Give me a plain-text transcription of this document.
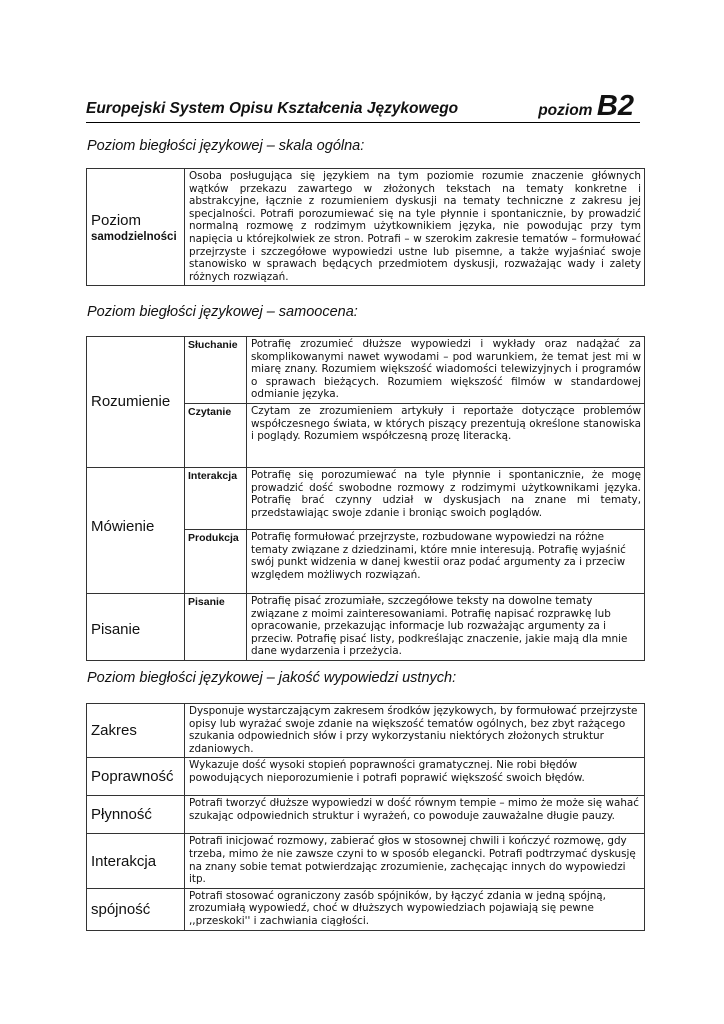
Europejski System Opisu Kształcenia Językowego	poziom B2
Poziom biegłości językowej – skala ogólna:
Poziom
samodzielności
	Osoba posługująca się językiem na tym poziomie rozumie znaczenie głównych wątków przekazu zawartego w złożonych tekstach na tematy konkretne i abstrakcyjne, łącznie z rozumieniem dyskusji na tematy techniczne z zakresu jej specjalności. Potrafi porozumiewać się na tyle płynnie i spontanicznie, by prowadzić normalną rozmowę z rodzimym użytkownikiem języka, nie powodując przy tym napięcia u którejkolwiek ze stron. Potrafi – w szerokim zakresie tematów – formułować przejrzyste i szczegółowe wypowiedzi ustne lub pisemne, a także wyjaśniać swoje stanowisko w sprawach będących przedmiotem dyskusji, rozważając wady i zalety różnych rozwiązań.
Poziom biegłości językowej – samoocena:
Rozumienie	Słuchanie	Potrafię zrozumieć dłuższe wypowiedzi i wykłady oraz nadążać za skomplikowanymi nawet wywodami – pod warunkiem, że temat jest mi w miarę znany. Rozumiem większość wiadomości telewizyjnych i programów o sprawach bieżących. Rozumiem większość filmów w standardowej odmianie języka.
	Czytanie	Czytam ze zrozumieniem artykuły i reportaże dotyczące problemów współczesnego świata, w których piszący prezentują określone stanowiska i poglądy. Rozumiem współczesną prozę literacką.
Mówienie	Interakcja	Potrafię się porozumiewać na tyle płynnie i spontanicznie, że mogę prowadzić dość swobodne rozmowy z rodzimymi użytkownikami języka. Potrafię brać czynny udział w dyskusjach na znane mi tematy, przedstawiając swoje zdanie i broniąc swoich poglądów.
	Produkcja	Potrafię formułować przejrzyste, rozbudowane wypowiedzi na różne tematy związane z dziedzinami, które mnie interesują. Potrafię wyjaśnić swój punkt widzenia w danej kwestii oraz podać argumenty za i przeciw względem możliwych rozwiązań.
Pisanie	Pisanie	Potrafię pisać zrozumiałe, szczegółowe teksty na dowolne tematy związane z moimi zainteresowaniami. Potrafię napisać rozprawkę lub opracowanie, przekazując informacje lub rozważając argumenty za i przeciw. Potrafię pisać listy, podkreślając znaczenie, jakie mają dla mnie dane wydarzenia i przeżycia.
Poziom biegłości językowej – jakość wypowiedzi ustnych:
Zakres	Dysponuje wystarczającym zakresem środków językowych, by formułować przejrzyste opisy lub wyrażać swoje zdanie na większość tematów ogólnych, bez zbyt rażącego szukania odpowiednich słów i przy wykorzystaniu niektórych złożonych struktur zdaniowych.
Poprawność	Wykazuje dość wysoki stopień poprawności gramatycznej. Nie robi błędów powodujących nieporozumienie i potrafi poprawić większość swoich błędów.
Płynność	Potrafi tworzyć dłuższe wypowiedzi w dość równym tempie – mimo że może się wahać szukając odpowiednich struktur i wyrażeń, co powoduje zauważalne długie pauzy.
Interakcja	Potrafi inicjować rozmowy, zabierać głos w stosownej chwili i kończyć rozmowę, gdy trzeba, mimo że nie zawsze czyni to w sposób elegancki. Potrafi podtrzymać dyskusję na znany sobie temat potwierdzając zrozumienie, zachęcając innych do wypowiedzi itp.
spójność	Potrafi stosować ograniczony zasób spójników, by łączyć zdania w jedną spójną, zrozumiałą wypowiedź, choć w dłuższych wypowiedziach pojawiają się pewne ,,przeskoki'' i zachwiania ciągłości.
